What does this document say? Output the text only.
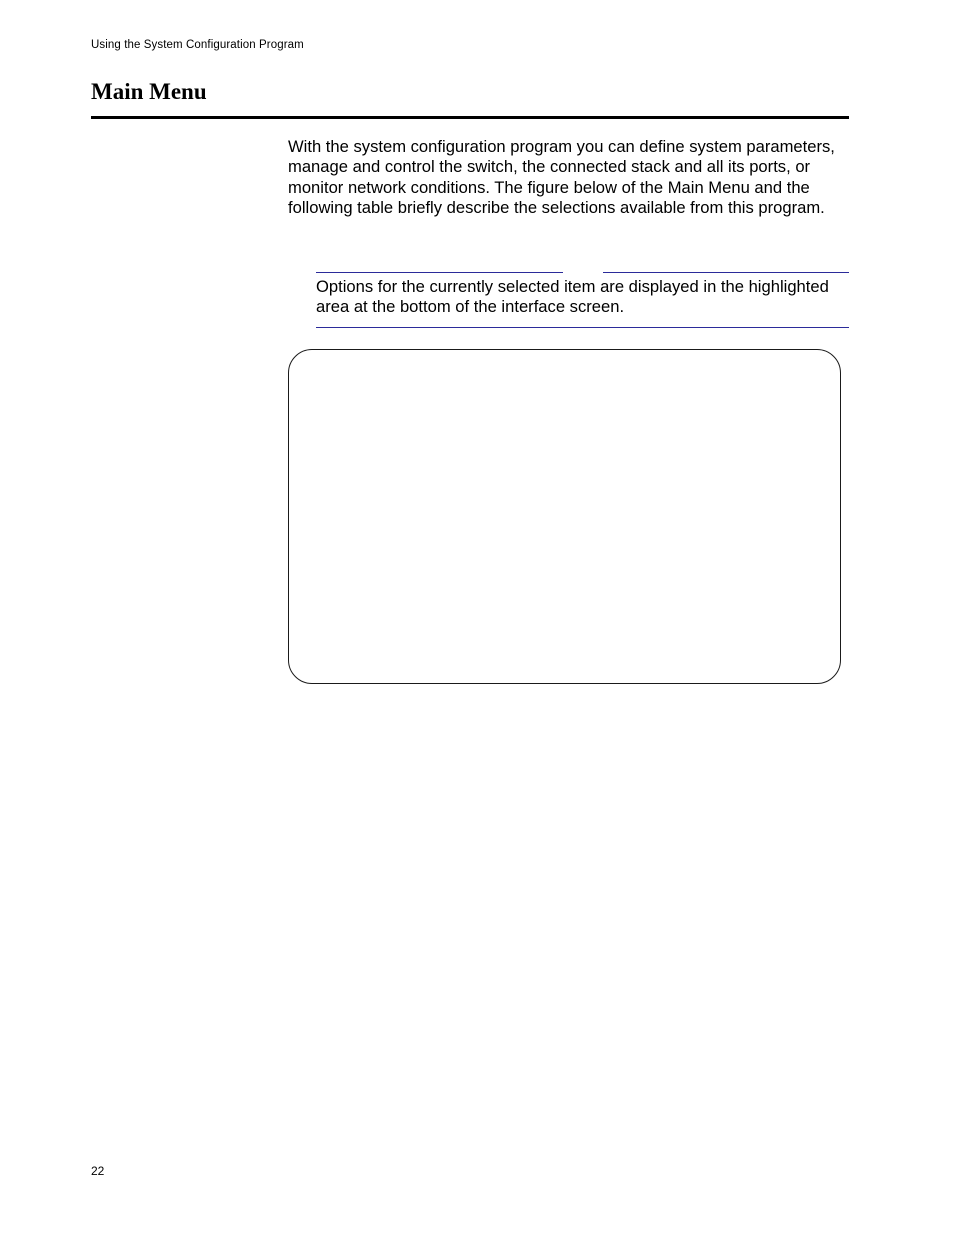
Using the System Configuration Program
Main Menu

With the system configuration program you can define system parameters, manage and control the switch, the connected stack and all its ports, or monitor network conditions. The figure below of the Main Menu and the following table briefly describe the selections available from this program.

Options for the currently selected item are displayed in the highlighted area at the bottom of the interface screen.

22
